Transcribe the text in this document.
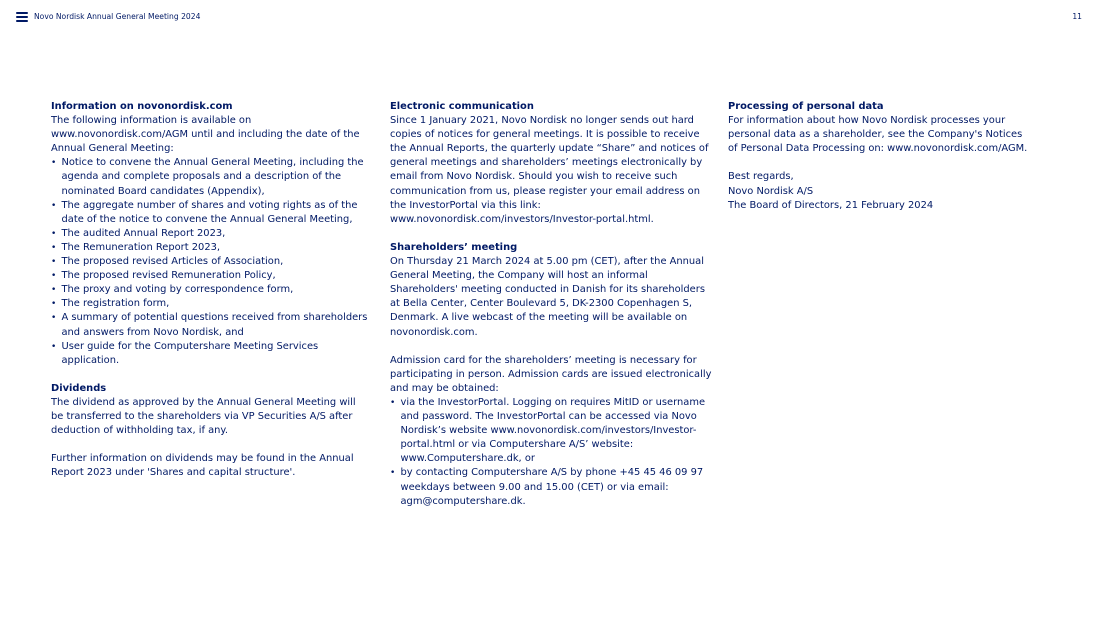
Novo Nordisk Annual General Meeting 2024	11
Information on novonordisk.com
The following information is available on www.novonordisk.com/AGM until and including the date of the Annual General Meeting:
• Notice to convene the Annual General Meeting, including the agenda and complete proposals and a description of the nominated Board candidates (Appendix),
• The aggregate number of shares and voting rights as of the date of the notice to convene the Annual General Meeting,
• The audited Annual Report 2023,
• The Remuneration Report 2023,
• The proposed revised Articles of Association,
• The proposed revised Remuneration Policy,
• The proxy and voting by correspondence form,
• The registration form,
• A summary of potential questions received from shareholders and answers from Novo Nordisk, and
• User guide for the Computershare Meeting Services application.
Dividends
The dividend as approved by the Annual General Meeting will be transferred to the shareholders via VP Securities A/S after deduction of withholding tax, if any.
Further information on dividends may be found in the Annual Report 2023 under 'Shares and capital structure'.
Electronic communication
Since 1 January 2021, Novo Nordisk no longer sends out hard copies of notices for general meetings. It is possible to receive the Annual Reports, the quarterly update “Share” and notices of general meetings and shareholders’ meetings electronically by email from Novo Nordisk. Should you wish to receive such communication from us, please register your email address on the InvestorPortal via this link: www.novonordisk.com/investors/Investor-portal.html.
Shareholders’ meeting
On Thursday 21 March 2024 at 5.00 pm (CET), after the Annual General Meeting, the Company will host an informal Shareholders' meeting conducted in Danish for its shareholders at Bella Center, Center Boulevard 5, DK-2300 Copenhagen S, Denmark. A live webcast of the meeting will be available on novonordisk.com.
Admission card for the shareholders’ meeting is necessary for participating in person. Admission cards are issued electronically and may be obtained:
• via the InvestorPortal. Logging on requires MitID or username and password. The InvestorPortal can be accessed via Novo Nordisk’s website www.novonordisk.com/investors/Investor-portal.html or via Computershare A/S’ website: www.Computershare.dk, or
• by contacting Computershare A/S by phone +45 45 46 09 97 weekdays between 9.00 and 15.00 (CET) or via email: agm@computershare.dk.
Processing of personal data
For information about how Novo Nordisk processes your personal data as a shareholder, see the Company's Notices of Personal Data Processing on: www.novonordisk.com/AGM.
Best regards,
Novo Nordisk A/S
The Board of Directors, 21 February 2024
